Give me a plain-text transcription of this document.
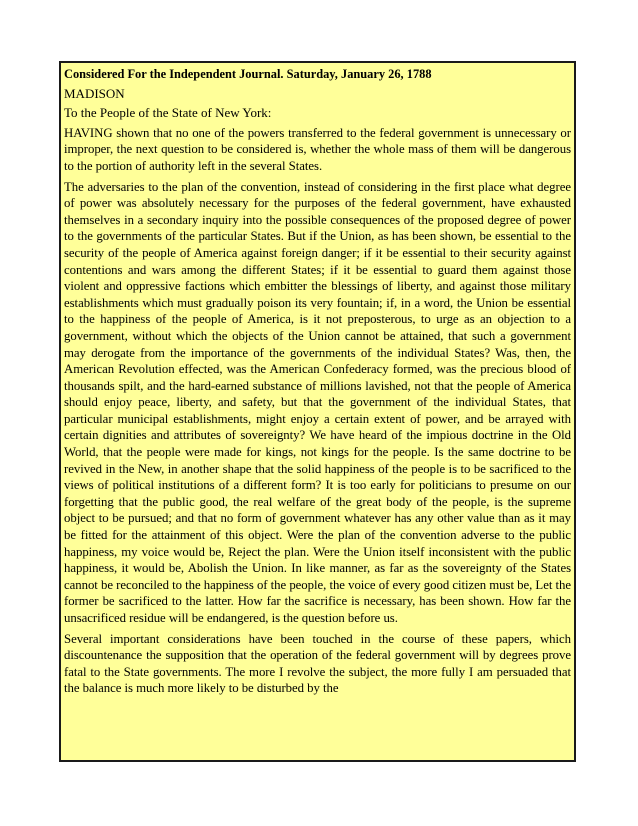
Considered For the Independent Journal. Saturday, January 26, 1788

MADISON

To the People of the State of New York:

HAVING shown that no one of the powers transferred to the federal government is unnecessary or improper, the next question to be considered is, whether the whole mass of them will be dangerous to the portion of authority left in the several States.

The adversaries to the plan of the convention, instead of considering in the first place what degree of power was absolutely necessary for the purposes of the federal government, have exhausted themselves in a secondary inquiry into the possible consequences of the proposed degree of power to the governments of the particular States. But if the Union, as has been shown, be essential to the security of the people of America against foreign danger; if it be essential to their security against contentions and wars among the different States; if it be essential to guard them against those violent and oppressive factions which embitter the blessings of liberty, and against those military establishments which must gradually poison its very fountain; if, in a word, the Union be essential to the happiness of the people of America, is it not preposterous, to urge as an objection to a government, without which the objects of the Union cannot be attained, that such a government may derogate from the importance of the governments of the individual States? Was, then, the American Revolution effected, was the American Confederacy formed, was the precious blood of thousands spilt, and the hard-earned substance of millions lavished, not that the people of America should enjoy peace, liberty, and safety, but that the government of the individual States, that particular municipal establishments, might enjoy a certain extent of power, and be arrayed with certain dignities and attributes of sovereignty? We have heard of the impious doctrine in the Old World, that the people were made for kings, not kings for the people. Is the same doctrine to be revived in the New, in another shape that the solid happiness of the people is to be sacrificed to the views of political institutions of a different form? It is too early for politicians to presume on our forgetting that the public good, the real welfare of the great body of the people, is the supreme object to be pursued; and that no form of government whatever has any other value than as it may be fitted for the attainment of this object. Were the plan of the convention adverse to the public happiness, my voice would be, Reject the plan. Were the Union itself inconsistent with the public happiness, it would be, Abolish the Union. In like manner, as far as the sovereignty of the States cannot be reconciled to the happiness of the people, the voice of every good citizen must be, Let the former be sacrificed to the latter. How far the sacrifice is necessary, has been shown. How far the unsacrificed residue will be endangered, is the question before us.

Several important considerations have been touched in the course of these papers, which discountenance the supposition that the operation of the federal government will by degrees prove fatal to the State governments. The more I revolve the subject, the more fully I am persuaded that the balance is much more likely to be disturbed by the
